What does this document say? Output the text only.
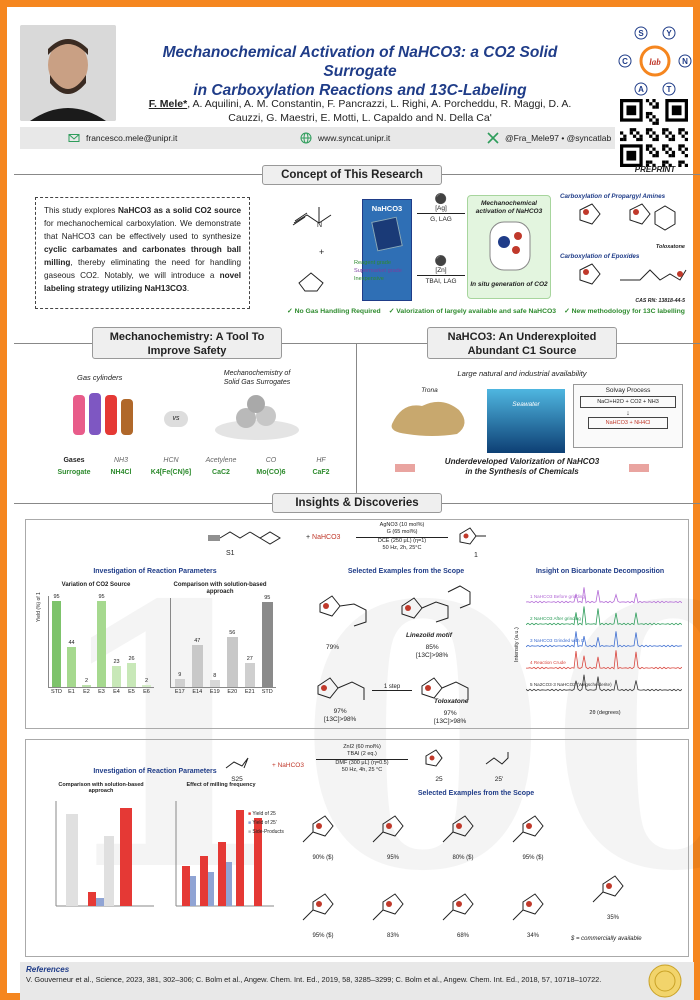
Mechanochemical Activation of NaHCO3: a CO2 Solid Surrogate
in Carboxylation Reactions and 13C-Labeling
F. Mele*, A. Aquilini, A. M. Constantin, F. Pancrazzi, L. Righi, A. Porcheddu, R. Maggi, D. A.
Cauzzi, G. Maestri, E. Motti, L. Capaldo and N. Della Ca'
lab
S	Y
N
C
A	T
PREPRINT
francesco.mele@unipr.it	www.syncat.unipr.it	@Fra_Mele97 • @syncatlab
Concept of This Research
This study explores NaHCO3 as a solid CO2 source for mechanochemical carboxylation. We demonstrate that NaHCO3 can be effectively used to synthesize cyclic carbamates and carbonates through ball milling, thereby eliminating the need for handling gaseous CO2. Notably, we will introduce a novel labeling strategy utilizing NaH13CO3.
N
+
NaHCO3
Reagent grade
Supermarket grade
Inexpensive
⚫
[Ag]
G, LAG
⚫
[Zn]
TBAI, LAG
Mechanochemical activation of NaHCO3
In situ generation of CO2
Carboxylation of Propargyl Amines
Toloxatone
Carboxylation of Epoxides
CAS RN: 13818-44-5
✓ No Gas Handling Required ✓ Valorization of largely available and safe NaHCO3 ✓ New methodology for 13C labelling
Mechanochemistry: A Tool To
Improve Safety
NaHCO3: An Underexploited
Abundant C1 Source
Gas cylinders
vs
Mechanochemistry of
Solid Gas Surrogates
Gases	NH3	HCN	Acetylene	CO	HF
Surrogate	NH4Cl	K4[Fe(CN)6]	CaC2	Mo(CO)6	CaF2
Large natural and industrial availability
Trona
Seawater
Solvay Process
NaCl+H2O + CO2 + NH3
↓
NaHCO3 + NH4Cl
Underdeveloped Valorization of NaHCO3
in the Synthesis of Chemicals
Insights & Discoveries
S1
+ NaHCO3
AgNO3 (10 mol%)
G (65 mol%)
DCE (250 μL) (η=1)
50 Hz, 2h, 25°C
1
Investigation of Reaction Parameters
Variation of CO2 Source
Yield (%) of 1 95
STD
44
E1
2
E2
95
E3
23
E4
26
E5
2
E6
Comparison with solution-based approach
9
E17
47
E14
8
E19
56
E20
27
E21
95
STD
Selected Examples from the Scope
79%
Linezolid motif
85%
[13C]>98%
97%
[13C]>98%
1 step
Toloxatone
97%
[13C]>98%
Insight on Bicarbonate Decomposition
Intensity (a.u.)
1 NaHCO3 Before grinding
2 NaHCO3 After grinding
3 NaHCO3 Grinded with G
4 Reaction Crude
5 Na2CO3·3 NaHCO3 (Wegscheiderite)
2θ (degrees)
S25
+ NaHCO3
ZnI2 (60 mol%)
TBAI (2 eq.)
DMF (300 μL) (η=0.5)
50 Hz, 4h, 25 °C
25	25'
Investigation of Reaction Parameters
Comparison with solution-based approach
Effect of milling frequency
■ Yield of 25
■ Yield of 25'
■ Side-Products
Selected Examples from the Scope
90% ($)	95%	80% ($)	95% ($)
95% ($)	83%	68%	34%
35%
$ = commercially available
References
V. Gouverneur et al., Science, 2023, 381, 302–306; C. Bolm et al., Angew. Chem. Int. Ed., 2019, 58, 3285–3299; C. Bolm et al., Angew. Chem. Int. Ed., 2018, 57, 10718–10722.
